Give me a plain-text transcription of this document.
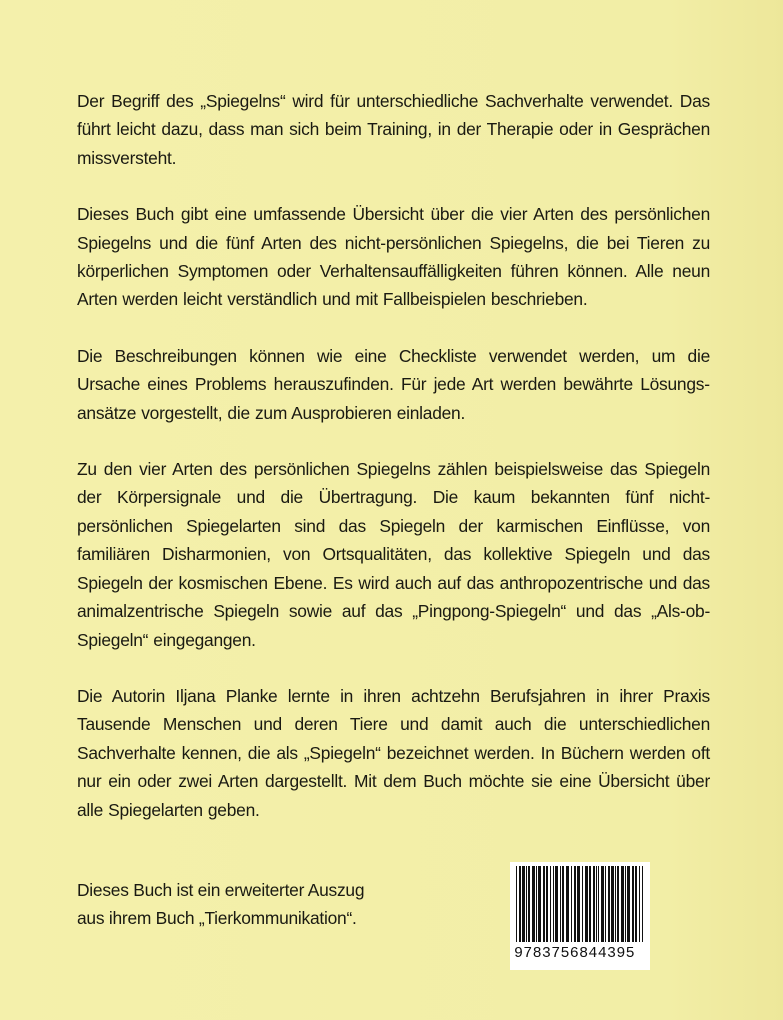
Der Begriff des „Spiegelns“ wird für unterschiedliche Sachverhalte verwendet. Das führt leicht dazu, dass man sich beim Training, in der Therapie oder in Gesprächen missversteht.

Dieses Buch gibt eine umfassende Übersicht über die vier Arten des persönlichen Spiegelns und die fünf Arten des nicht-persönlichen Spiegelns, die bei Tieren zu körperlichen Symptomen oder Verhaltensauffälligkeiten führen können. Alle neun Arten werden leicht verständlich und mit Fallbeispielen beschrieben.

Die Beschreibungen können wie eine Checkliste verwendet werden, um die Ursache eines Problems herauszufinden. Für jede Art werden bewährte Lösungsansätze vorgestellt, die zum Ausprobieren einladen.

Zu den vier Arten des persönlichen Spiegelns zählen beispielsweise das Spiegeln der Körpersignale und die Übertragung. Die kaum bekannten fünf nicht-persönlichen Spiegelarten sind das Spiegeln der karmischen Einflüsse, von familiären Disharmonien, von Ortsqualitäten, das kollektive Spiegeln und das Spiegeln der kosmischen Ebene. Es wird auch auf das anthropozentrische und das animalzentrische Spiegeln sowie auf das „Pingpong-Spiegeln“ und das „Als-ob-Spiegeln“ eingegangen.

Die Autorin Iljana Planke lernte in ihren achtzehn Berufsjahren in ihrer Praxis Tausende Menschen und deren Tiere und damit auch die unterschiedlichen Sachverhalte kennen, die als „Spiegeln“ bezeichnet werden. In Büchern werden oft nur ein oder zwei Arten dargestellt. Mit dem Buch möchte sie eine Übersicht über alle Spiegelarten geben.

Dieses Buch ist ein erweiterter Auszug
aus ihrem Buch „Tierkommunikation“.
9783756844395
